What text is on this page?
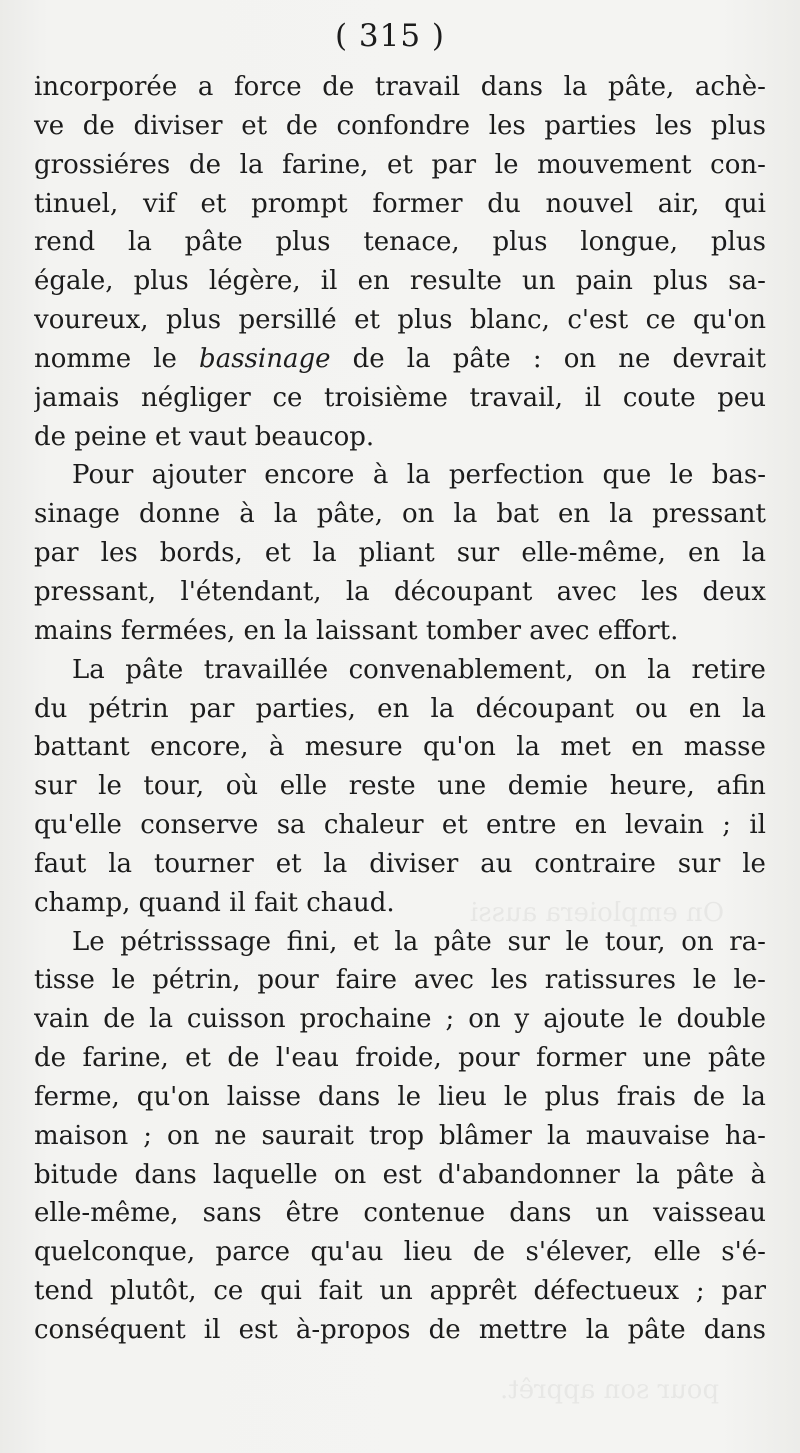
On emploiera aussi
pour son apprêt.
( 315 )
incorporée a force de travail dans la pâte, achè-
ve de diviser et de confondre les parties les plus
grossiéres de la farine, et par le mouvement con-
tinuel, vif et prompt former du nouvel air, qui
rend la pâte plus tenace, plus longue, plus
égale, plus légère, il en resulte un pain plus sa-
voureux, plus persillé et plus blanc, c'est ce qu'on
nomme le bassinage de la pâte : on ne devrait
jamais négliger ce troisième travail, il coute peu
de peine et vaut beaucop.
Pour ajouter encore à la perfection que le bas-
sinage donne à la pâte, on la bat en la pressant
par les bords, et la pliant sur elle-même, en la
pressant, l'étendant, la découpant avec les deux
mains fermées, en la laissant tomber avec effort.
La pâte travaillée convenablement, on la retire
du pétrin par parties, en la découpant ou en la
battant encore, à mesure qu'on la met en masse
sur le tour, où elle reste une demie heure, afin
qu'elle conserve sa chaleur et entre en levain ; il
faut la tourner et la diviser au contraire sur le
champ, quand il fait chaud.
Le pétrisssage fini, et la pâte sur le tour, on ra-
tisse le pétrin, pour faire avec les ratissures le le-
vain de la cuisson prochaine ; on y ajoute le double
de farine, et de l'eau froide, pour former une pâte
ferme, qu'on laisse dans le lieu le plus frais de la
maison ; on ne saurait trop blâmer la mauvaise ha-
bitude dans laquelle on est d'abandonner la pâte à
elle-même, sans être contenue dans un vaisseau
quelconque, parce qu'au lieu de s'élever, elle s'é-
tend plutôt, ce qui fait un apprêt défectueux ; par
conséquent il est à-propos de mettre la pâte dans
